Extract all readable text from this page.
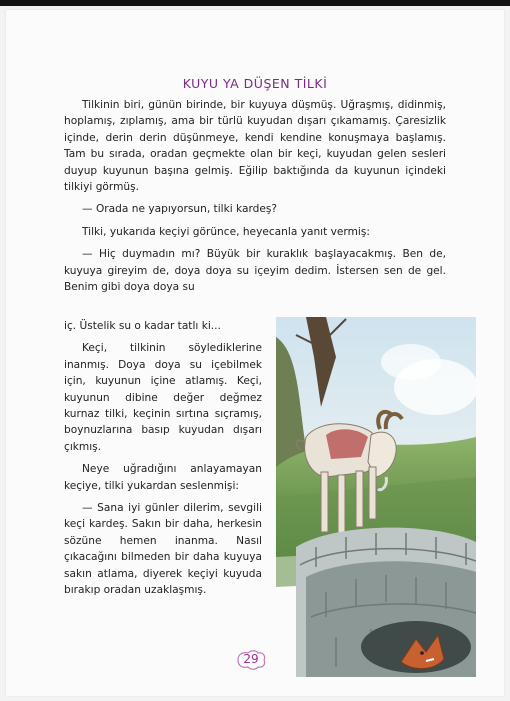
KUYU YA DÜŞEN TİLKİ

Tilkinin biri, günün birinde, bir kuyuya düşmüş. Uğraşmış, didinmiş, hoplamış, zıplamış, ama bir türlü kuyudan dışarı çıkamamış. Çaresizlik içinde, derin derin düşünmeye, kendi kendine konuşmaya başlamış. Tam bu sırada, oradan geçmekte olan bir keçi, kuyudan gelen sesleri duyup kuyunun başına gelmiş. Eğilip baktığında da kuyunun içindeki tilkiyi görmüş.

— Orada ne yapıyorsun, tilki kardeş?

Tilki, yukarıda keçiyi görünce, heyecanla yanıt vermiş:

— Hiç duymadın mı? Büyük bir kuraklık başlayacakmış. Ben de, kuyuya gireyim de, doya doya su içeyim dedim. İstersen sen de gel. Benim gibi doya doya su

iç. Üstelik su o kadar tatlı ki...

Keçi, tilkinin söylediklerine inanmış. Doya doya su içebilmek için, kuyunun içine atlamış. Keçi, kuyunun dibine değer değmez kurnaz tilki, keçinin sırtına sıçramış, boynuzlarına basıp kuyudan dışarı çıkmış.

Neye uğradığını anlayamayan keçiye, tilki yukardan seslenmişi:

— Sana iyi günler dilerim, sevgili keçi kardeş. Sakın bir daha, herkesin sözüne hemen inanma. Nasıl çıkacağını bilmeden bir daha kuyuya sakın atlama, diyerek keçiyi kuyuda bırakıp oradan uzaklaşmış.

29
